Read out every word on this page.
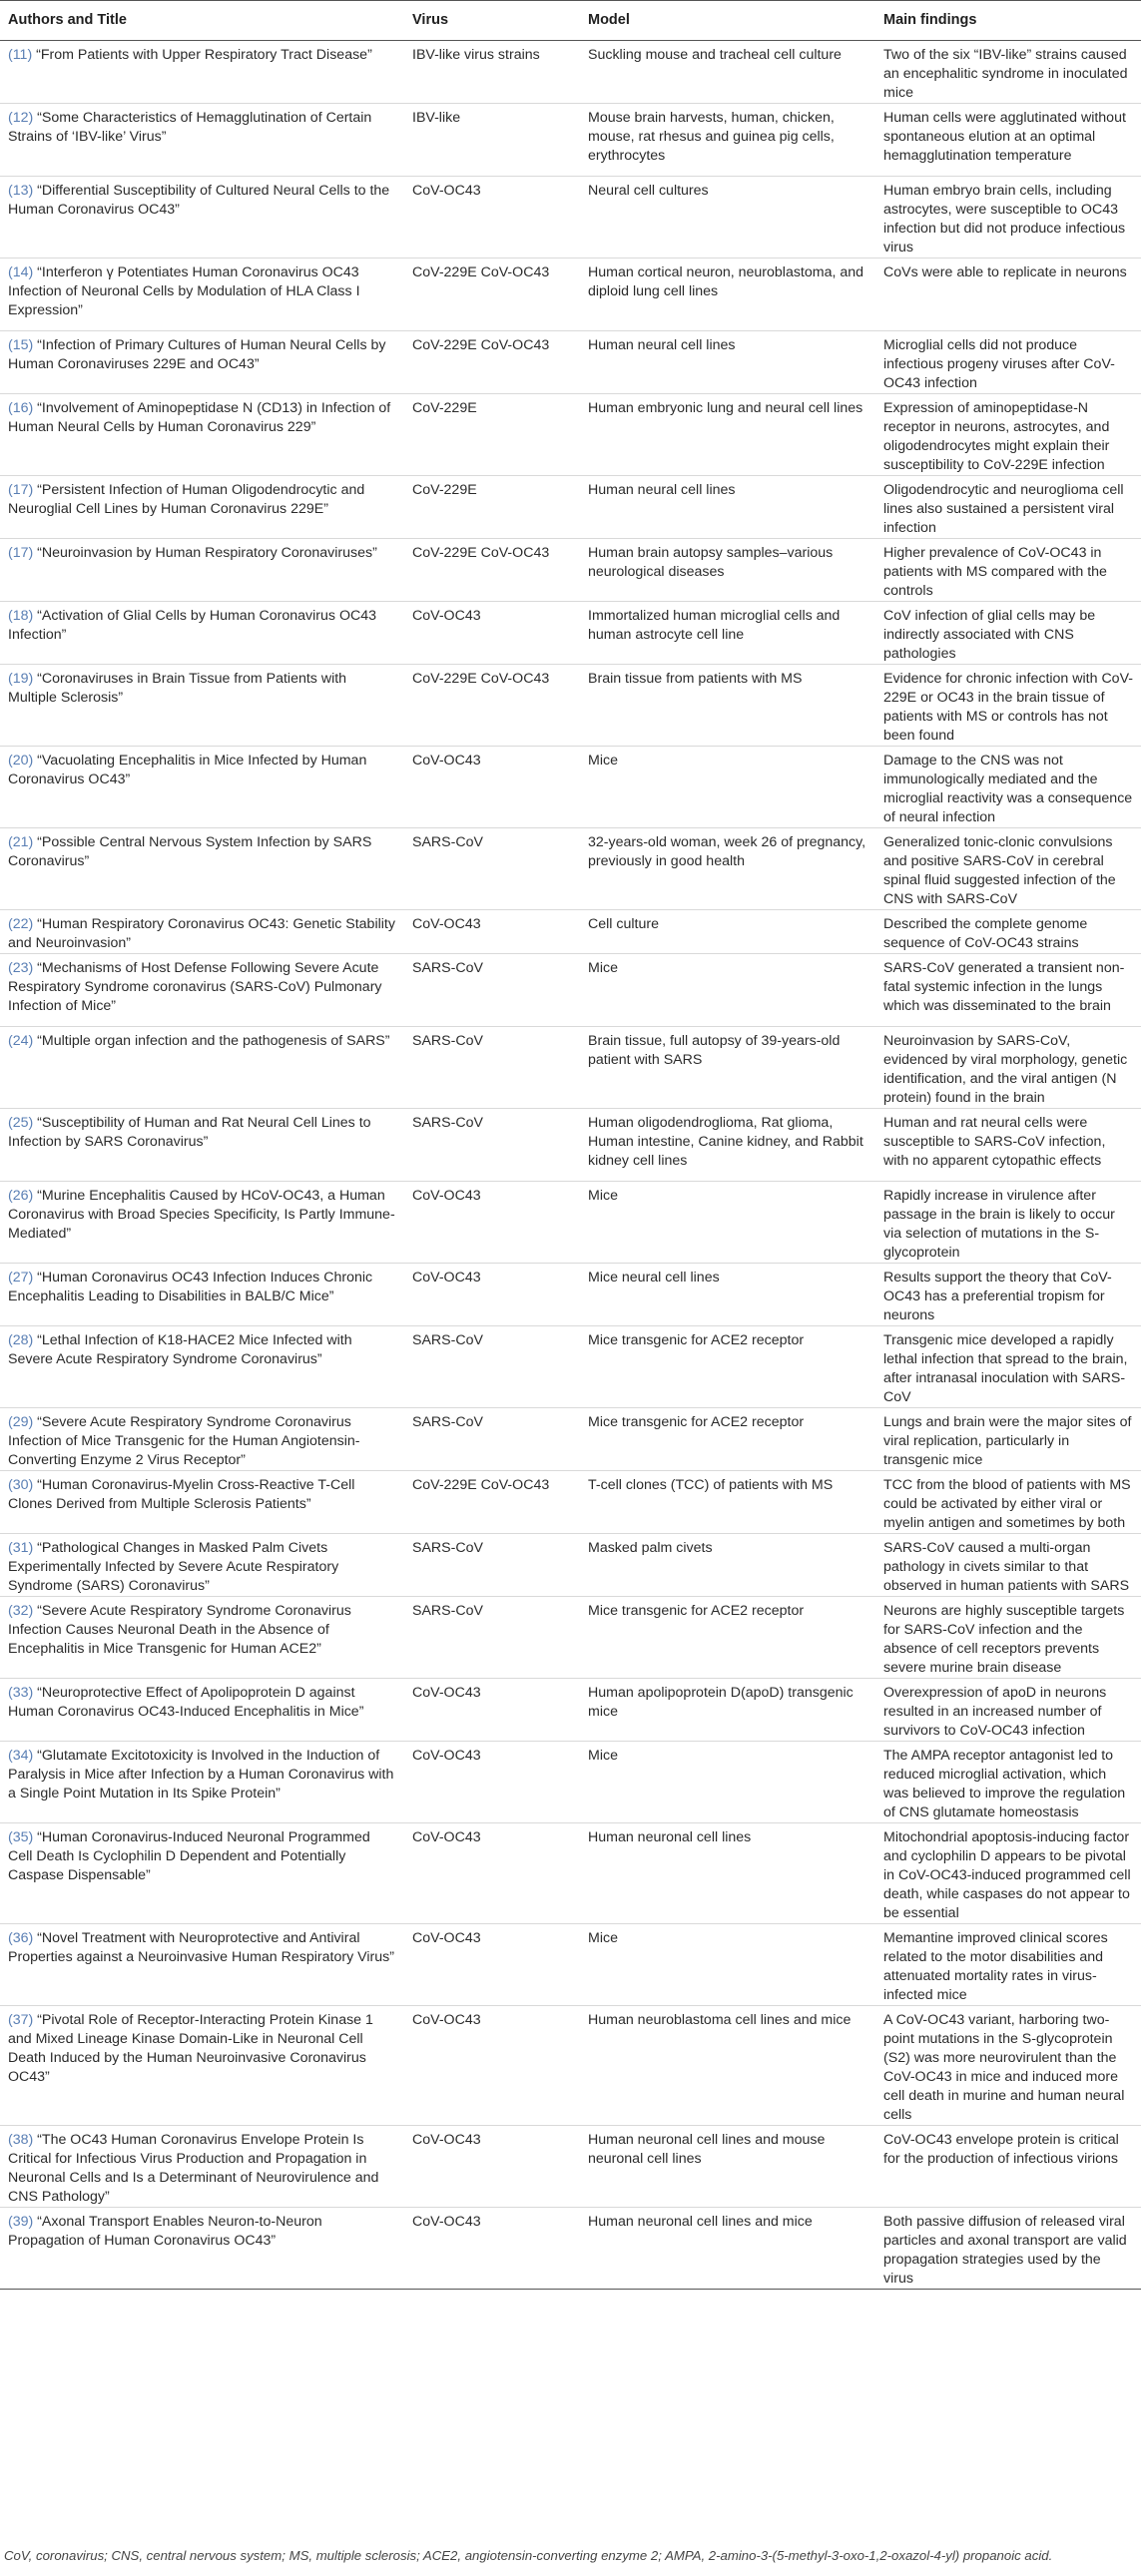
Authors and Title	Virus	Model	Main findings
(11) “From Patients with Upper Respiratory Tract Disease”	IBV-like virus strains	Suckling mouse and tracheal cell culture	Two of the six “IBV-like” strains caused an encephalitic syndrome in inoculated mice
(12) “Some Characteristics of Hemagglutination of Certain Strains of ‘IBV-like’ Virus”	IBV-like	Mouse brain harvests, human, chicken, mouse, rat rhesus and guinea pig cells, erythrocytes	Human cells were agglutinated without spontaneous elution at an optimal hemagglutination temperature
(13) “Differential Susceptibility of Cultured Neural Cells to the Human Coronavirus OC43”	CoV-OC43	Neural cell cultures	Human embryo brain cells, including astrocytes, were susceptible to OC43 infection but did not produce infectious virus
(14) “Interferon γ Potentiates Human Coronavirus OC43 Infection of Neuronal Cells by Modulation of HLA Class I Expression”	CoV-229E CoV-OC43	Human cortical neuron, neuroblastoma, and diploid lung cell lines	CoVs were able to replicate in neurons
(15) “Infection of Primary Cultures of Human Neural Cells by Human Coronaviruses 229E and OC43”	CoV-229E CoV-OC43	Human neural cell lines	Microglial cells did not produce infectious progeny viruses after CoV-OC43 infection
(16) “Involvement of Aminopeptidase N (CD13) in Infection of Human Neural Cells by Human Coronavirus 229”	CoV-229E	Human embryonic lung and neural cell lines	Expression of aminopeptidase-N receptor in neurons, astrocytes, and oligodendrocytes might explain their susceptibility to CoV-229E infection
(17) “Persistent Infection of Human Oligodendrocytic and Neuroglial Cell Lines by Human Coronavirus 229E”	CoV-229E	Human neural cell lines	Oligodendrocytic and neuroglioma cell lines also sustained a persistent viral infection
(17) “Neuroinvasion by Human Respiratory Coronaviruses”	CoV-229E CoV-OC43	Human brain autopsy samples–various neurological diseases	Higher prevalence of CoV-OC43 in patients with MS compared with the controls
(18) “Activation of Glial Cells by Human Coronavirus OC43 Infection”	CoV-OC43	Immortalized human microglial cells and human astrocyte cell line	CoV infection of glial cells may be indirectly associated with CNS pathologies
(19) “Coronaviruses in Brain Tissue from Patients with Multiple Sclerosis”	CoV-229E CoV-OC43	Brain tissue from patients with MS	Evidence for chronic infection with CoV-229E or OC43 in the brain tissue of patients with MS or controls has not been found
(20) “Vacuolating Encephalitis in Mice Infected by Human Coronavirus OC43”	CoV-OC43	Mice	Damage to the CNS was not immunologically mediated and the microglial reactivity was a consequence of neural infection
(21) “Possible Central Nervous System Infection by SARS Coronavirus”	SARS-CoV	32-years-old woman, week 26 of pregnancy, previously in good health	Generalized tonic-clonic convulsions and positive SARS-CoV in cerebral spinal fluid suggested infection of the CNS with SARS-CoV
(22) “Human Respiratory Coronavirus OC43: Genetic Stability and Neuroinvasion”	CoV-OC43	Cell culture	Described the complete genome sequence of CoV-OC43 strains
(23) “Mechanisms of Host Defense Following Severe Acute Respiratory Syndrome coronavirus (SARS-CoV) Pulmonary Infection of Mice”	SARS-CoV	Mice	SARS-CoV generated a transient non-fatal systemic infection in the lungs which was disseminated to the brain
(24) “Multiple organ infection and the pathogenesis of SARS”	SARS-CoV	Brain tissue, full autopsy of 39-years-old patient with SARS	Neuroinvasion by SARS-CoV, evidenced by viral morphology, genetic identification, and the viral antigen (N protein) found in the brain
(25) “Susceptibility of Human and Rat Neural Cell Lines to Infection by SARS Coronavirus”	SARS-CoV	Human oligodendroglioma, Rat glioma, Human intestine, Canine kidney, and Rabbit kidney cell lines	Human and rat neural cells were susceptible to SARS-CoV infection, with no apparent cytopathic effects
(26) “Murine Encephalitis Caused by HCoV-OC43, a Human Coronavirus with Broad Species Specificity, Is Partly Immune-Mediated”	CoV-OC43	Mice	Rapidly increase in virulence after passage in the brain is likely to occur via selection of mutations in the S-glycoprotein
(27) “Human Coronavirus OC43 Infection Induces Chronic Encephalitis Leading to Disabilities in BALB/C Mice”	CoV-OC43	Mice neural cell lines	Results support the theory that CoV-OC43 has a preferential tropism for neurons
(28) “Lethal Infection of K18-HACE2 Mice Infected with Severe Acute Respiratory Syndrome Coronavirus”	SARS-CoV	Mice transgenic for ACE2 receptor	Transgenic mice developed a rapidly lethal infection that spread to the brain, after intranasal inoculation with SARS-CoV
(29) “Severe Acute Respiratory Syndrome Coronavirus Infection of Mice Transgenic for the Human Angiotensin-Converting Enzyme 2 Virus Receptor”	SARS-CoV	Mice transgenic for ACE2 receptor	Lungs and brain were the major sites of viral replication, particularly in transgenic mice
(30) “Human Coronavirus-Myelin Cross-Reactive T-Cell Clones Derived from Multiple Sclerosis Patients”	CoV-229E CoV-OC43	T-cell clones (TCC) of patients with MS	TCC from the blood of patients with MS could be activated by either viral or myelin antigen and sometimes by both
(31) “Pathological Changes in Masked Palm Civets Experimentally Infected by Severe Acute Respiratory Syndrome (SARS) Coronavirus”	SARS-CoV	Masked palm civets	SARS-CoV caused a multi-organ pathology in civets similar to that observed in human patients with SARS
(32) “Severe Acute Respiratory Syndrome Coronavirus Infection Causes Neuronal Death in the Absence of Encephalitis in Mice Transgenic for Human ACE2”	SARS-CoV	Mice transgenic for ACE2 receptor	Neurons are highly susceptible targets for SARS-CoV infection and the absence of cell receptors prevents severe murine brain disease
(33) “Neuroprotective Effect of Apolipoprotein D against Human Coronavirus OC43-Induced Encephalitis in Mice”	CoV-OC43	Human apolipoprotein D(apoD) transgenic mice	Overexpression of apoD in neurons resulted in an increased number of survivors to CoV-OC43 infection
(34) “Glutamate Excitotoxicity is Involved in the Induction of Paralysis in Mice after Infection by a Human Coronavirus with a Single Point Mutation in Its Spike Protein”	CoV-OC43	Mice	The AMPA receptor antagonist led to reduced microglial activation, which was believed to improve the regulation of CNS glutamate homeostasis
(35) “Human Coronavirus-Induced Neuronal Programmed Cell Death Is Cyclophilin D Dependent and Potentially Caspase Dispensable”	CoV-OC43	Human neuronal cell lines	Mitochondrial apoptosis-inducing factor and cyclophilin D appears to be pivotal in CoV-OC43-induced programmed cell death, while caspases do not appear to be essential
(36) “Novel Treatment with Neuroprotective and Antiviral Properties against a Neuroinvasive Human Respiratory Virus”	CoV-OC43	Mice	Memantine improved clinical scores related to the motor disabilities and attenuated mortality rates in virus-infected mice
(37) “Pivotal Role of Receptor-Interacting Protein Kinase 1 and Mixed Lineage Kinase Domain-Like in Neuronal Cell Death Induced by the Human Neuroinvasive Coronavirus OC43”	CoV-OC43	Human neuroblastoma cell lines and mice	A CoV-OC43 variant, harboring two-point mutations in the S-glycoprotein (S2) was more neurovirulent than the CoV-OC43 in mice and induced more cell death in murine and human neural cells
(38) “The OC43 Human Coronavirus Envelope Protein Is Critical for Infectious Virus Production and Propagation in Neuronal Cells and Is a Determinant of Neurovirulence and CNS Pathology”	CoV-OC43	Human neuronal cell lines and mouse neuronal cell lines	CoV-OC43 envelope protein is critical for the production of infectious virions
(39) “Axonal Transport Enables Neuron-to-Neuron Propagation of Human Coronavirus OC43”	CoV-OC43	Human neuronal cell lines and mice	Both passive diffusion of released viral particles and axonal transport are valid propagation strategies used by the virus
CoV, coronavirus; CNS, central nervous system; MS, multiple sclerosis; ACE2, angiotensin-converting enzyme 2; AMPA, 2-amino-3-(5-methyl-3-oxo-1,2-oxazol-4-yl) propanoic acid.
